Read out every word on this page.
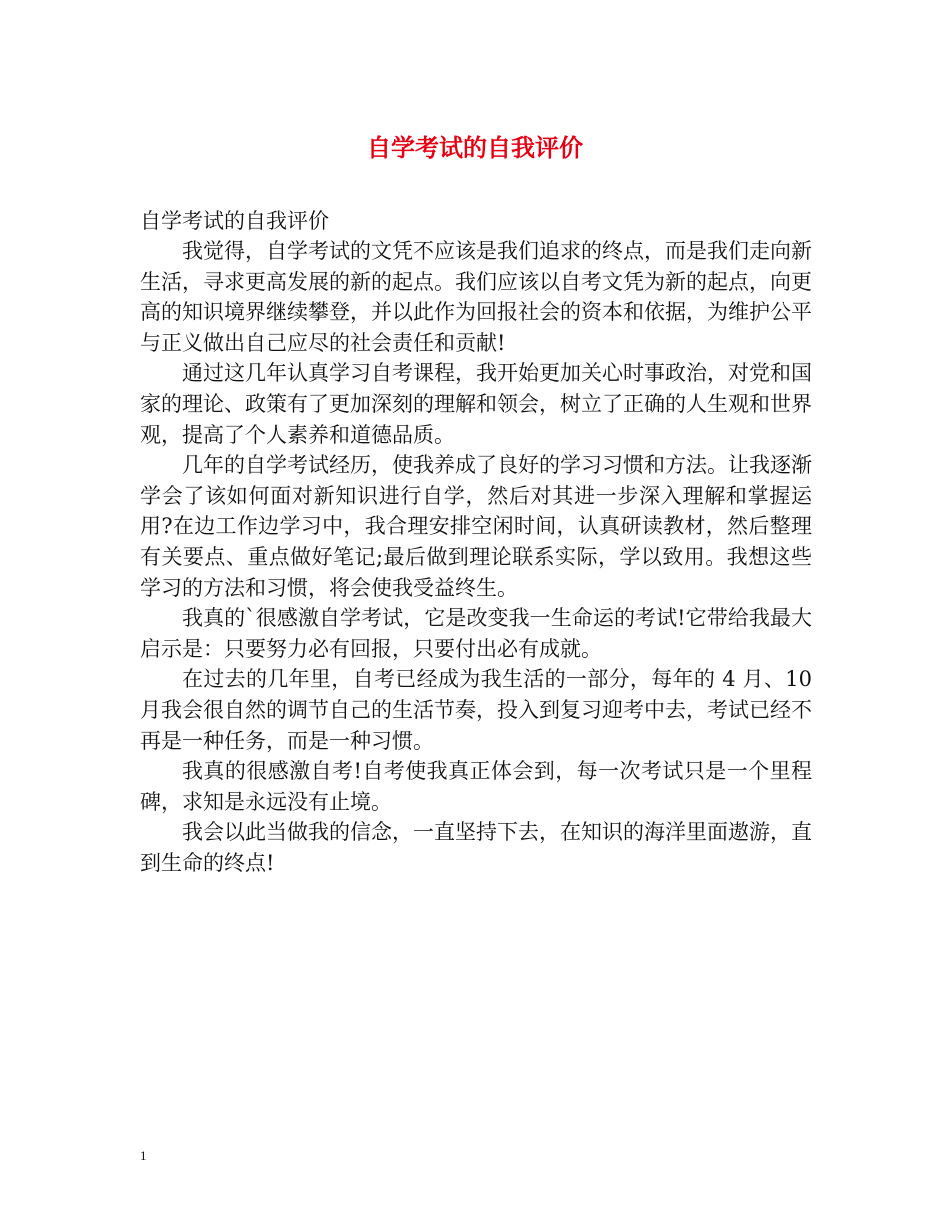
自学考试的自我评价

自学考试的自我评价

我觉得，自学考试的文凭不应该是我们追求的终点，而是我们走向新生活，寻求更高发展的新的起点。我们应该以自考文凭为新的起点，向更高的知识境界继续攀登，并以此作为回报社会的资本和依据，为维护公平与正义做出自己应尽的社会责任和贡献!

通过这几年认真学习自考课程，我开始更加关心时事政治，对党和国家的理论、政策有了更加深刻的理解和领会，树立了正确的人生观和世界观，提高了个人素养和道德品质。

几年的自学考试经历，使我养成了良好的学习习惯和方法。让我逐渐学会了该如何面对新知识进行自学，然后对其进一步深入理解和掌握运用?在边工作边学习中，我合理安排空闲时间，认真研读教材，然后整理有关要点、重点做好笔记;最后做到理论联系实际，学以致用。我想这些学习的方法和习惯，将会使我受益终生。

我真的`很感激自学考试，它是改变我一生命运的考试!它带给我最大启示是：只要努力必有回报，只要付出必有成就。

在过去的几年里，自考已经成为我生活的一部分，每年的 4 月、10 月我会很自然的调节自己的生活节奏，投入到复习迎考中去，考试已经不再是一种任务，而是一种习惯。

我真的很感激自考!自考使我真正体会到，每一次考试只是一个里程碑，求知是永远没有止境。

我会以此当做我的信念，一直坚持下去，在知识的海洋里面遨游，直到生命的终点!

1
